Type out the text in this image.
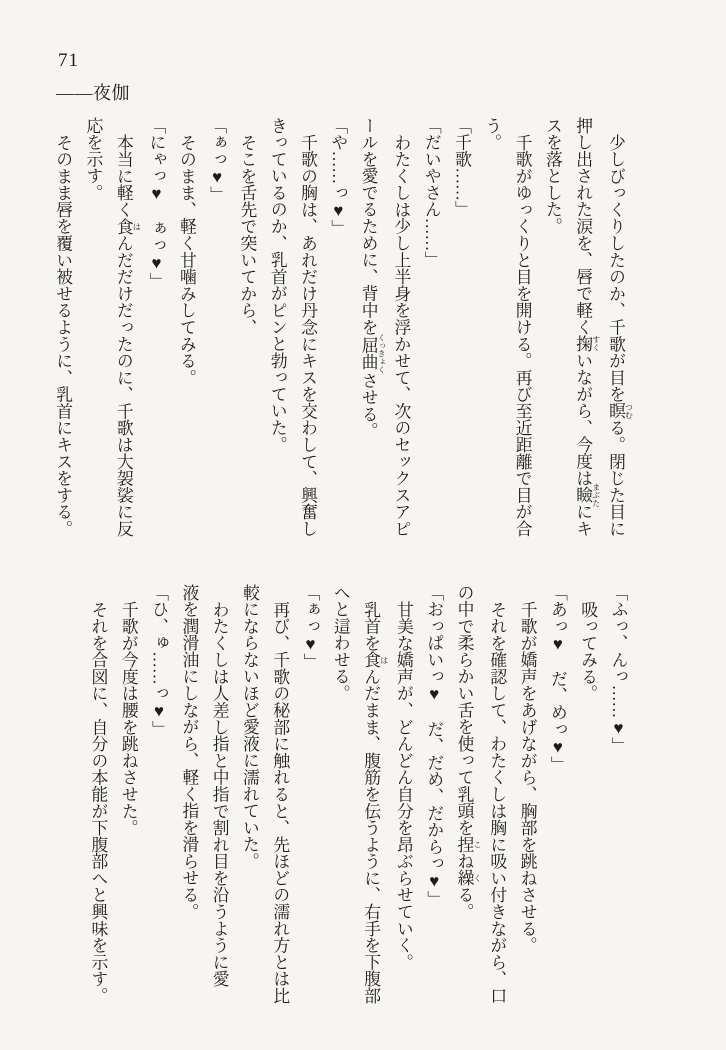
71
――夜伽

少しびっくりしたのか、千歌が目を瞑 つむる。閉じた目に

押し出された涙を、唇で軽く掬 すくいながら、今度は瞼 まぶたにキ

スを落とした。

千歌がゆっくりと目を開ける。再び至近距離で目が合

う。

「千歌……」

「だいやさん……」

わたくしは少し上半身を浮かせて、次のセックスアピ

ールを愛でるために、背中を屈曲 くっきょくさせる。

「や……っ♥」

千歌の胸は、あれだけ丹念にキスを交わして、興奮し

きっているのか、乳首がピンと勃っていた。

そこを舌先で突いてから、

「ぁっ♥」

そのまま、軽く甘噛みしてみる。

「にゃっ♥　ぁっ♥」

本当に軽く食 はんだだけだったのに、千歌は大袈裟に反

応を示す。

そのまま唇を覆い被せるように、乳首にキスをする。

「ふっ、んっ……♥」

吸ってみる。

「あっ♥　だ、めっ♥」

千歌が嬌声をあげながら、胸部を跳ねさせる。

それを確認して、わたくしは胸に吸い付きながら、口

の中で柔らかい舌を使って乳頭を捏 こね繰 くる。

「おっぱいっ♥　だ、だめ、だからっ♥」

甘美な嬌声が、どんどん自分を昂ぶらせていく。

乳首を食 はんだまま、腹筋を伝うように、右手を下腹部

へと這わせる。

「ぁっ♥」

再び、千歌の秘部に触れると、先ほどの濡れ方とは比

較にならないほど愛液に濡れていた。

わたくしは人差し指と中指で割れ目を沿うように愛

液を潤滑油にしながら、軽く指を滑らせる。

「ひ、ゅ……っ♥」

千歌が今度は腰を跳ねさせた。

それを合図に、自分の本能が下腹部へと興味を示す。
